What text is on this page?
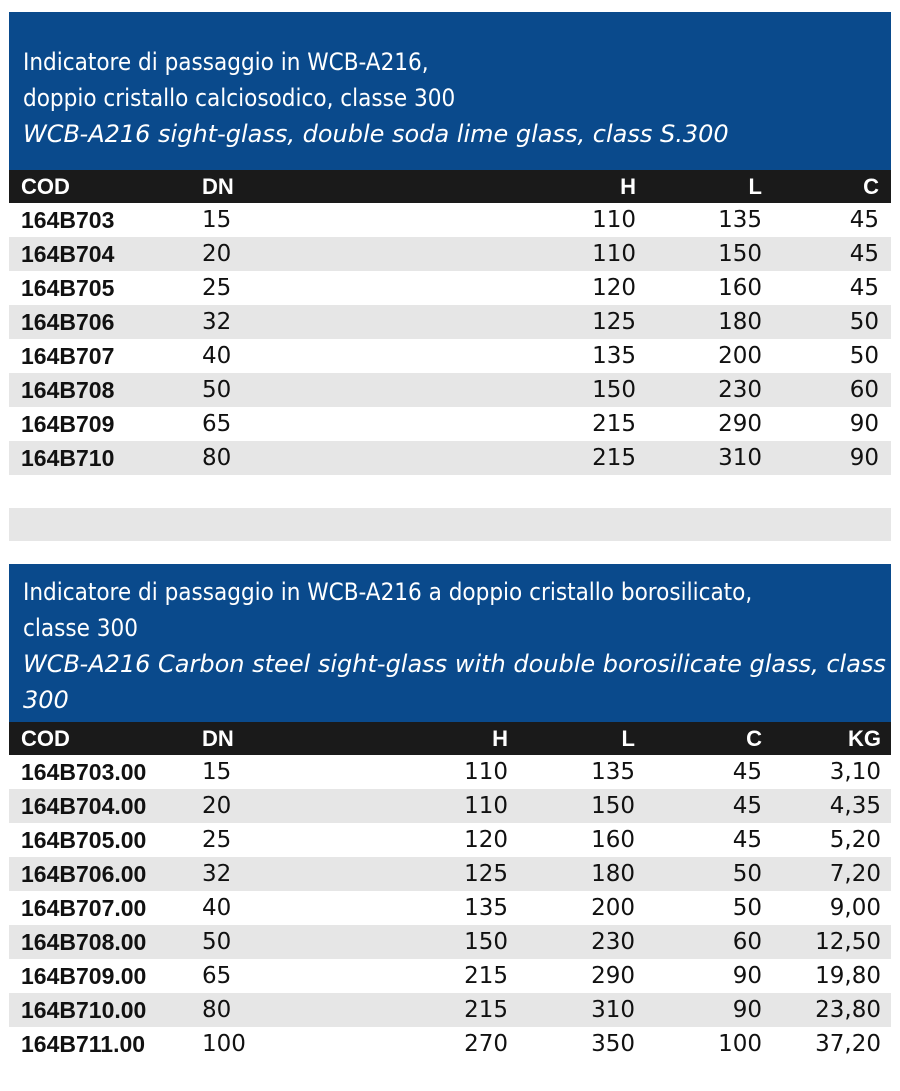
Indicatore di passaggio in WCB-A216,
doppio cristallo calciosodico, classe 300
WCB-A216 sight-glass, double soda lime glass, class S.300
COD	DN	H	L	C
164B703	15	110	135	45
164B704	20	110	150	45
164B705	25	120	160	45
164B706	32	125	180	50
164B707	40	135	200	50
164B708	50	150	230	60
164B709	65	215	290	90
164B710	80	215	310	90
Indicatore di passaggio in WCB-A216 a doppio cristallo borosilicato,
classe 300
WCB-A216 Carbon steel sight-glass with double borosilicate glass, class
300
COD	DN	H	L	C	KG
164B703.00	15	110	135	45	3,10
164B704.00	20	110	150	45	4,35
164B705.00	25	120	160	45	5,20
164B706.00	32	125	180	50	7,20
164B707.00	40	135	200	50	9,00
164B708.00	50	150	230	60	12,50
164B709.00	65	215	290	90	19,80
164B710.00	80	215	310	90	23,80
164B711.00	100	270	350	100	37,20
